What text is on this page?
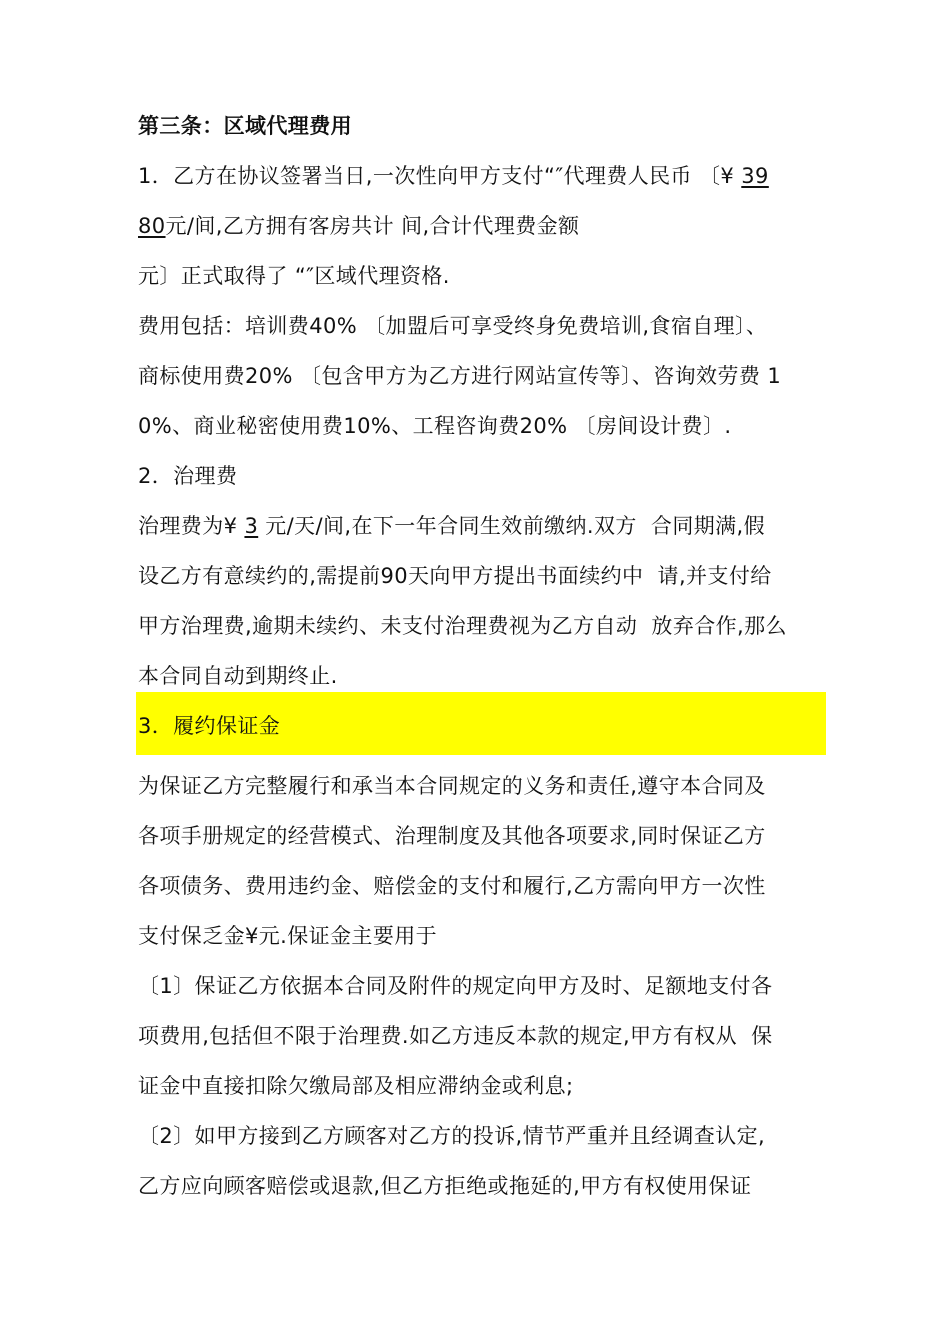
第三条：区域代理费用
1．乙方在协议签署当日,一次性向甲方支付“″代理费人民币 〔¥ 39
80元/间,乙方拥有客房共计 间,合计代理费金额
元〕正式取得了 “″区域代理资格.
费用包括：培训费40% 〔加盟后可享受终身免费培训,食宿自理〕、
商标使用费20% 〔包含甲方为乙方进行网站宣传等〕、咨询效劳费 1
0%、商业秘密使用费10%、工程咨询费20% 〔房间设计费〕.
2．治理费
治理费为¥ 3 元/天/间,在下一年合同生效前缴纳.双方  合同期满,假
设乙方有意续约的,需提前90天向甲方提出书面续约中  请,并支付给
甲方治理费,逾期未续约、未支付治理费视为乙方自动  放弃合作,那么
本合同自动到期终止.
3．履约保证金
为保证乙方完整履行和承当本合同规定的义务和责任,遵守本合同及
各项手册规定的经营模式、治理制度及其他各项要求,同时保证乙方
各项债务、费用违约金、赔偿金的支付和履行,乙方需向甲方一次性
支付保乏金¥元.保证金主要用于
〔1〕保证乙方依据本合同及附件的规定向甲方及时、足额地支付各
项费用,包括但不限于治理费.如乙方违反本款的规定,甲方有权从  保
证金中直接扣除欠缴局部及相应滞纳金或利息;
〔2〕如甲方接到乙方顾客对乙方的投诉,情节严重并且经调查认定,
乙方应向顾客赔偿或退款,但乙方拒绝或拖延的,甲方有权使用保证
